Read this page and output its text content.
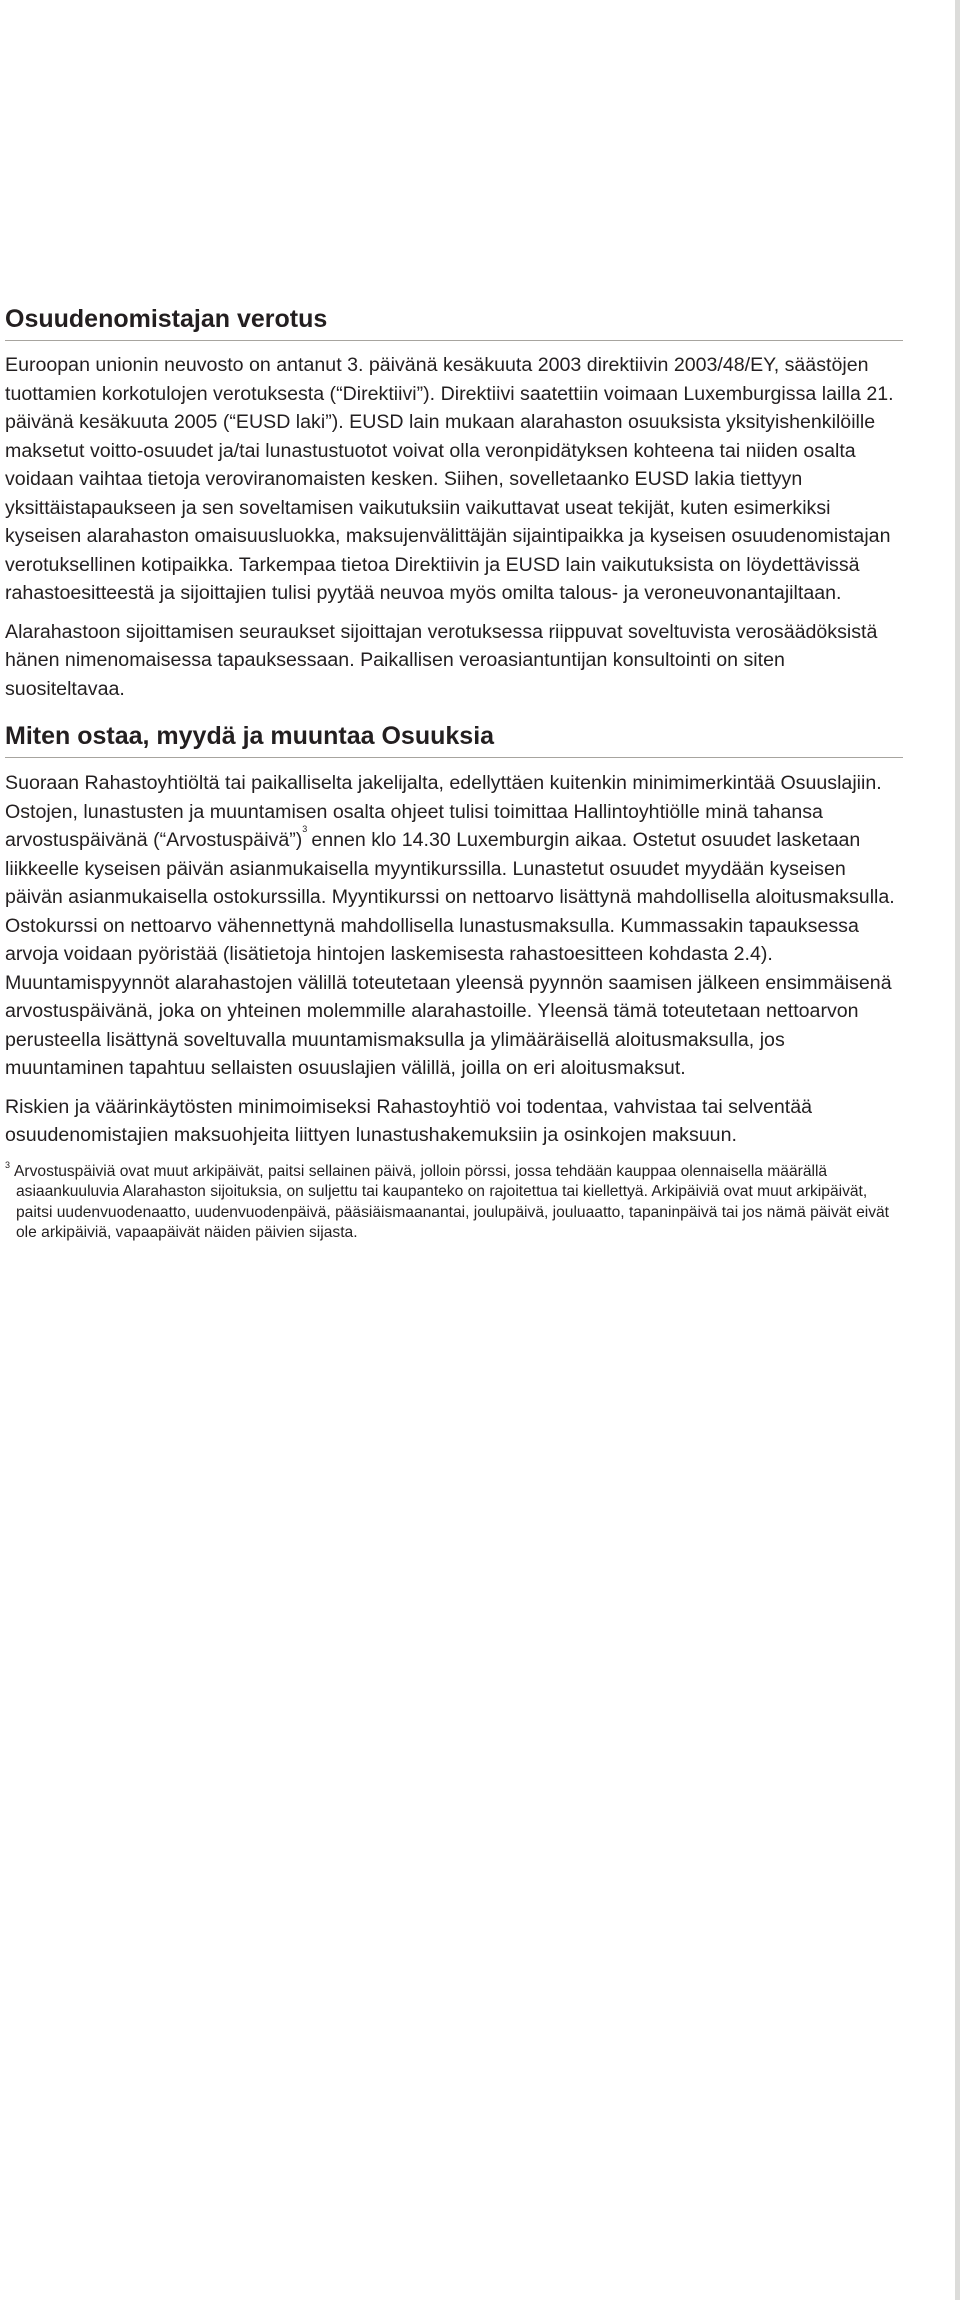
Osuudenomistajan verotus

Euroopan unionin neuvosto on antanut 3. päivänä kesäkuuta 2003 direktiivin 2003/48/EY, säästöjen tuottamien korkotulojen verotuksesta (“Direktiivi”). Direktiivi saatettiin voimaan Luxemburgissa lailla 21. päivänä kesäkuuta 2005 (“EUSD laki”). EUSD lain mukaan alarahaston osuuksista yksityishenkilöille maksetut voitto-osuudet ja/tai lunastustuotot voivat olla veronpidätyksen kohteena tai niiden osalta voidaan vaihtaa tietoja veroviranomaisten kesken. Siihen, sovelletaanko EUSD lakia tiettyyn yksittäistapaukseen ja sen soveltamisen vaikutuksiin vaikuttavat useat tekijät, kuten esimerkiksi kyseisen alarahaston omaisuusluokka, maksujenvälittäjän sijaintipaikka ja kyseisen osuudenomistajan verotuksellinen kotipaikka. Tarkempaa tietoa Direktiivin ja EUSD lain vaikutuksista on löydettävissä rahastoesitteestä ja sijoittajien tulisi pyytää neuvoa myös omilta talous- ja veroneuvonantajiltaan.

Alarahastoon sijoittamisen seuraukset sijoittajan verotuksessa riippuvat soveltuvista verosäädöksistä hänen nimenomaisessa tapauksessaan. Paikallisen veroasiantuntijan konsultointi on siten suositeltavaa.

Miten ostaa, myydä ja muuntaa Osuuksia

Suoraan Rahastoyhtiöltä tai paikalliselta jakelijalta, edellyttäen kuitenkin minimimerkintää Osuuslajiin. Ostojen, lunastusten ja muuntamisen osalta ohjeet tulisi toimittaa Hallintoyhtiölle minä tahansa arvostuspäivänä (“Arvostuspäivä”)$^3$ ennen klo 14.30 Luxemburgin aikaa. Ostetut osuudet lasketaan liikkeelle kyseisen päivän asianmukaisella myyntikurssilla. Lunastetut osuudet myydään kyseisen päivän asianmukaisella ostokurssilla. Myyntikurssi on nettoarvo lisättynä mahdollisella aloitusmaksulla. Ostokurssi on nettoarvo vähennettynä mahdollisella lunastusmaksulla. Kummassakin tapauksessa arvoja voidaan pyöristää (lisätietoja hintojen laskemisesta rahastoesitteen kohdasta 2.4). Muuntamispyynnöt alarahastojen välillä toteutetaan yleensä pyynnön saamisen jälkeen ensimmäisenä arvostuspäivänä, joka on yhteinen molemmille alarahastoille. Yleensä tämä toteutetaan nettoarvon perusteella lisättynä soveltuvalla muuntamismaksulla ja ylimääräisellä aloitusmaksulla, jos muuntaminen tapahtuu sellaisten osuuslajien välillä, joilla on eri aloitusmaksut.

Riskien ja väärinkäytösten minimoimiseksi Rahastoyhtiö voi todentaa, vahvistaa tai selventää osuudenomistajien maksuohjeita liittyen lunastushakemuksiin ja osinkojen maksuun.

$^3$ Arvostuspäiviä ovat muut arkipäivät, paitsi sellainen päivä, jolloin pörssi, jossa tehdään kauppaa olennaisella määrällä asiaankuuluvia Alarahaston sijoituksia, on suljettu tai kaupanteko on rajoitettua tai kiellettyä. Arkipäiviä ovat muut arkipäivät, paitsi uudenvuodenaatto, uudenvuodenpäivä, pääsiäismaanantai, joulupäivä, jouluaatto, tapaninpäivä tai jos nämä päivät eivät ole arkipäiviä, vapaapäivät näiden päivien sijasta.
